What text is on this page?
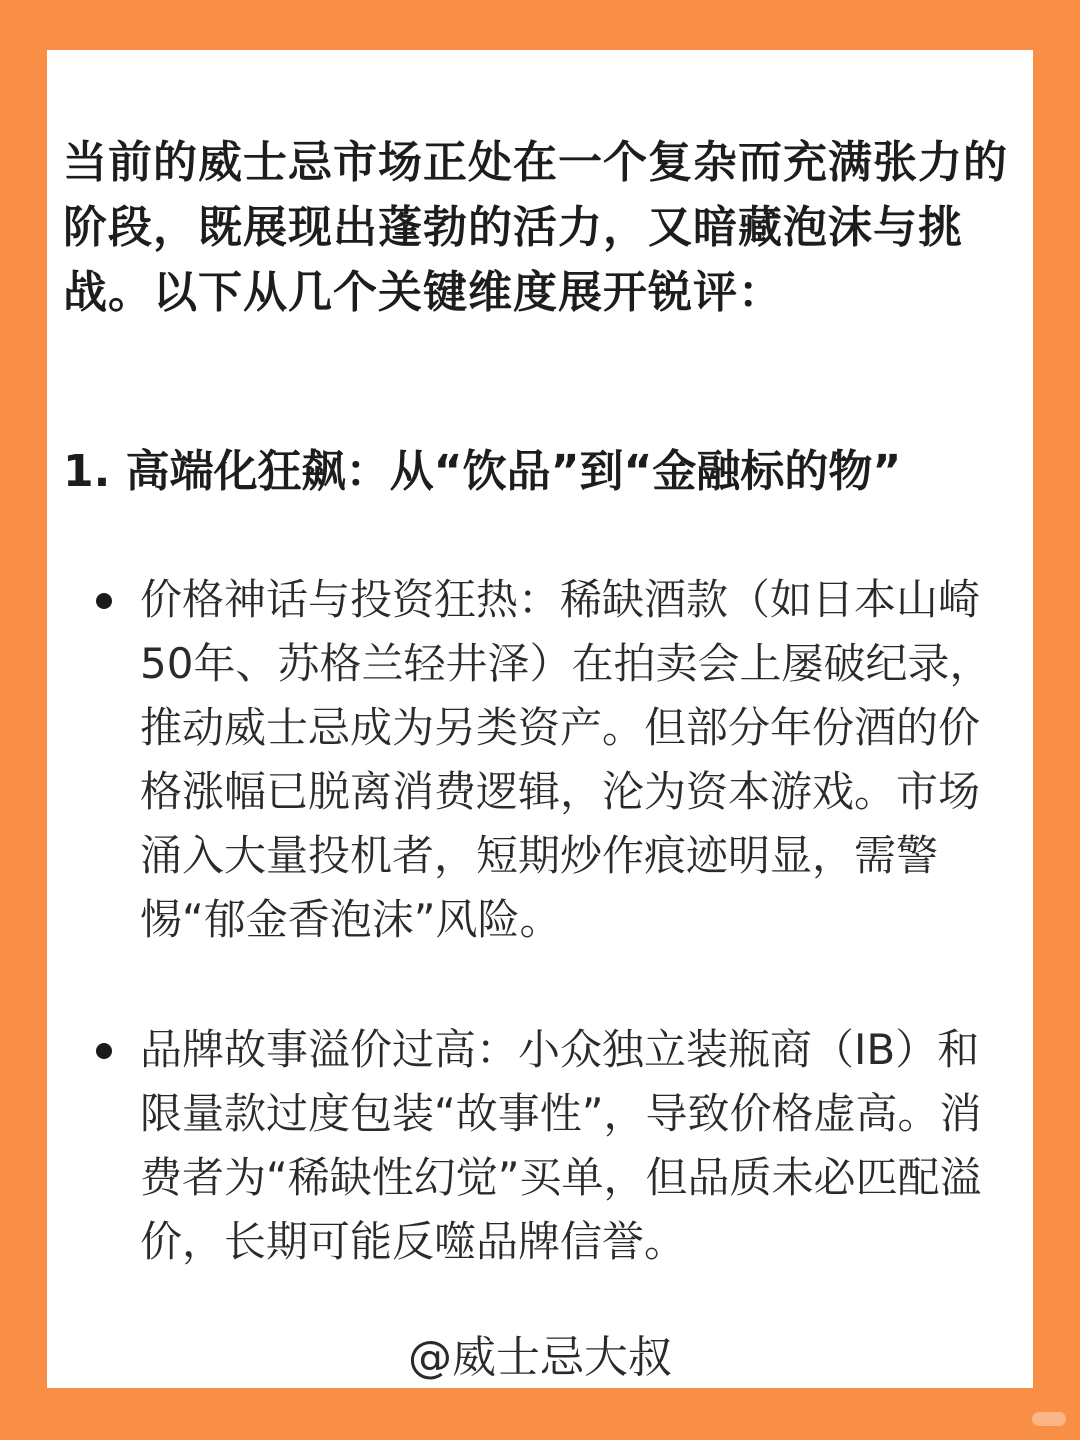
当前的威士忌市场正处在一个复杂而充满张力的阶段，既展现出蓬勃的活力，又暗藏泡沫与挑战。以下从几个关键维度展开锐评：

1. 高端化狂飙：从“饮品”到“金融标的物”
价格神话与投资狂热：稀缺酒款（如日本山崎50年、苏格兰轻井泽）在拍卖会上屡破纪录，推动威士忌成为另类资产。但部分年份酒的价格涨幅已脱离消费逻辑，沦为资本游戏。市场涌入大量投机者，短期炒作痕迹明显，需警惕“郁金香泡沫”风险。
品牌故事溢价过高：小众独立装瓶商（IB）和限量款过度包装“故事性”，导致价格虚高。消费者为“稀缺性幻觉”买单，但品质未必匹配溢价，长期可能反噬品牌信誉。
@威士忌大叔
